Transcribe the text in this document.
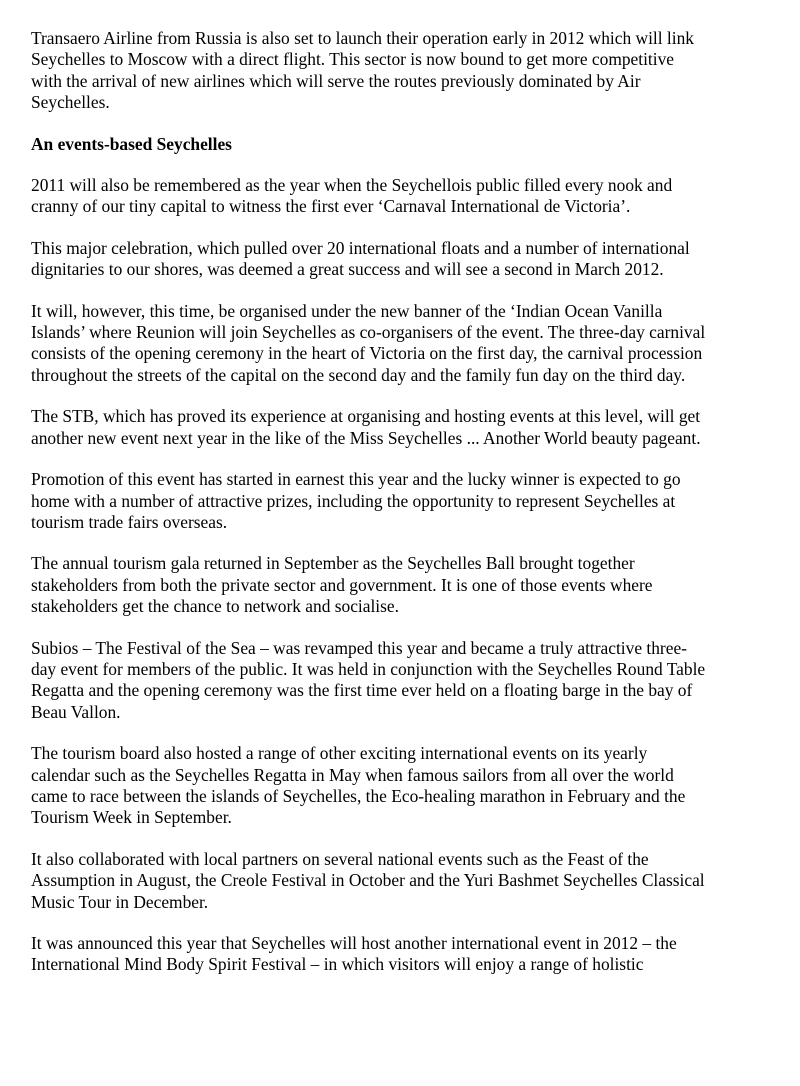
Transaero Airline from Russia is also set to launch their operation early in 2012 which will link
Seychelles to Moscow with a direct flight. This sector is now bound to get more competitive
with the arrival of new airlines which will serve the routes previously dominated by Air
Seychelles.

An events-based Seychelles

2011 will also be remembered as the year when the Seychellois public filled every nook and
cranny of our tiny capital to witness the first ever ‘Carnaval International de Victoria’.

This major celebration, which pulled over 20 international floats and a number of international
dignitaries to our shores, was deemed a great success and will see a second in March 2012.

It will, however, this time, be organised under the new banner of the ‘Indian Ocean Vanilla
Islands’ where Reunion will join Seychelles as co-organisers of the event. The three-day carnival
consists of the opening ceremony in the heart of Victoria on the first day, the carnival procession
throughout the streets of the capital on the second day and the family fun day on the third day.

The STB, which has proved its experience at organising and hosting events at this level, will get
another new event next year in the like of the Miss Seychelles ... Another World beauty pageant.

Promotion of this event has started in earnest this year and the lucky winner is expected to go
home with a number of attractive prizes, including the opportunity to represent Seychelles at
tourism trade fairs overseas.

The annual tourism gala returned in September as the Seychelles Ball brought together
stakeholders from both the private sector and government. It is one of those events where
stakeholders get the chance to network and socialise.

Subios – The Festival of the Sea – was revamped this year and became a truly attractive three-
day event for members of the public. It was held in conjunction with the Seychelles Round Table
Regatta and the opening ceremony was the first time ever held on a floating barge in the bay of
Beau Vallon.

The tourism board also hosted a range of other exciting international events on its yearly
calendar such as the Seychelles Regatta in May when famous sailors from all over the world
came to race between the islands of Seychelles, the Eco-healing marathon in February and the
Tourism Week in September.

It also collaborated with local partners on several national events such as the Feast of the
Assumption in August, the Creole Festival in October and the Yuri Bashmet Seychelles Classical
Music Tour in December.

It was announced this year that Seychelles will host another international event in 2012 – the
International Mind Body Spirit Festival – in which visitors will enjoy a range of holistic
